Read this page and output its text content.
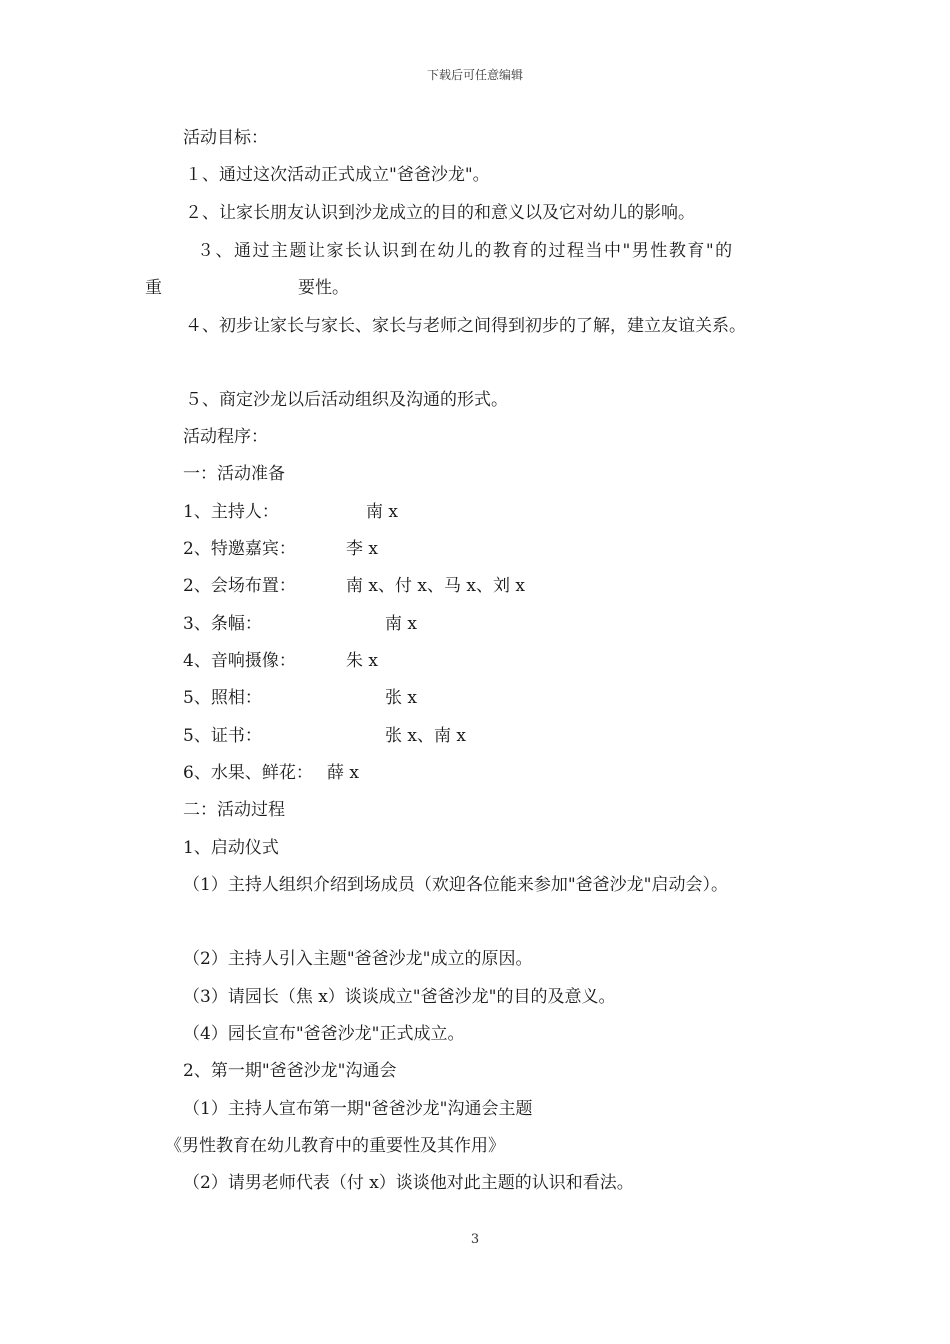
下载后可任意编辑
活动目标：
１、通过这次活动正式成立"爸爸沙龙"。
２、让家长朋友认识到沙龙成立的目的和意义以及它对幼儿的影响。
３、通过主题让家长认识到在幼儿的教育的过程当中"男性教育"的
重	要性。
４、初步让家长与家长、家长与老师之间得到初步的了解，建立友谊关系。
５、商定沙龙以后活动组织及沟通的形式。
活动程序：
一：活动准备
1、主持人：	南 x
2、特邀嘉宾：	李 x
2、会场布置：	南 x、付 x、马 x、刘 x
3、条幅：	南 x
4、音响摄像：	朱 x
5、照相：	张 x
5、证书：	张 x、南 x
6、水果、鲜花： 薛 x
二：活动过程
1、启动仪式
（1）主持人组织介绍到场成员（欢迎各位能来参加"爸爸沙龙"启动会）。
（2）主持人引入主题"爸爸沙龙"成立的原因。
（3）请园长（焦 x）谈谈成立"爸爸沙龙"的目的及意义。
（4）园长宣布"爸爸沙龙"正式成立。
2、第一期"爸爸沙龙"沟通会
（1）主持人宣布第一期"爸爸沙龙"沟通会主题
《男性教育在幼儿教育中的重要性及其作用》
（2）请男老师代表（付 x）谈谈他对此主题的认识和看法。
3
